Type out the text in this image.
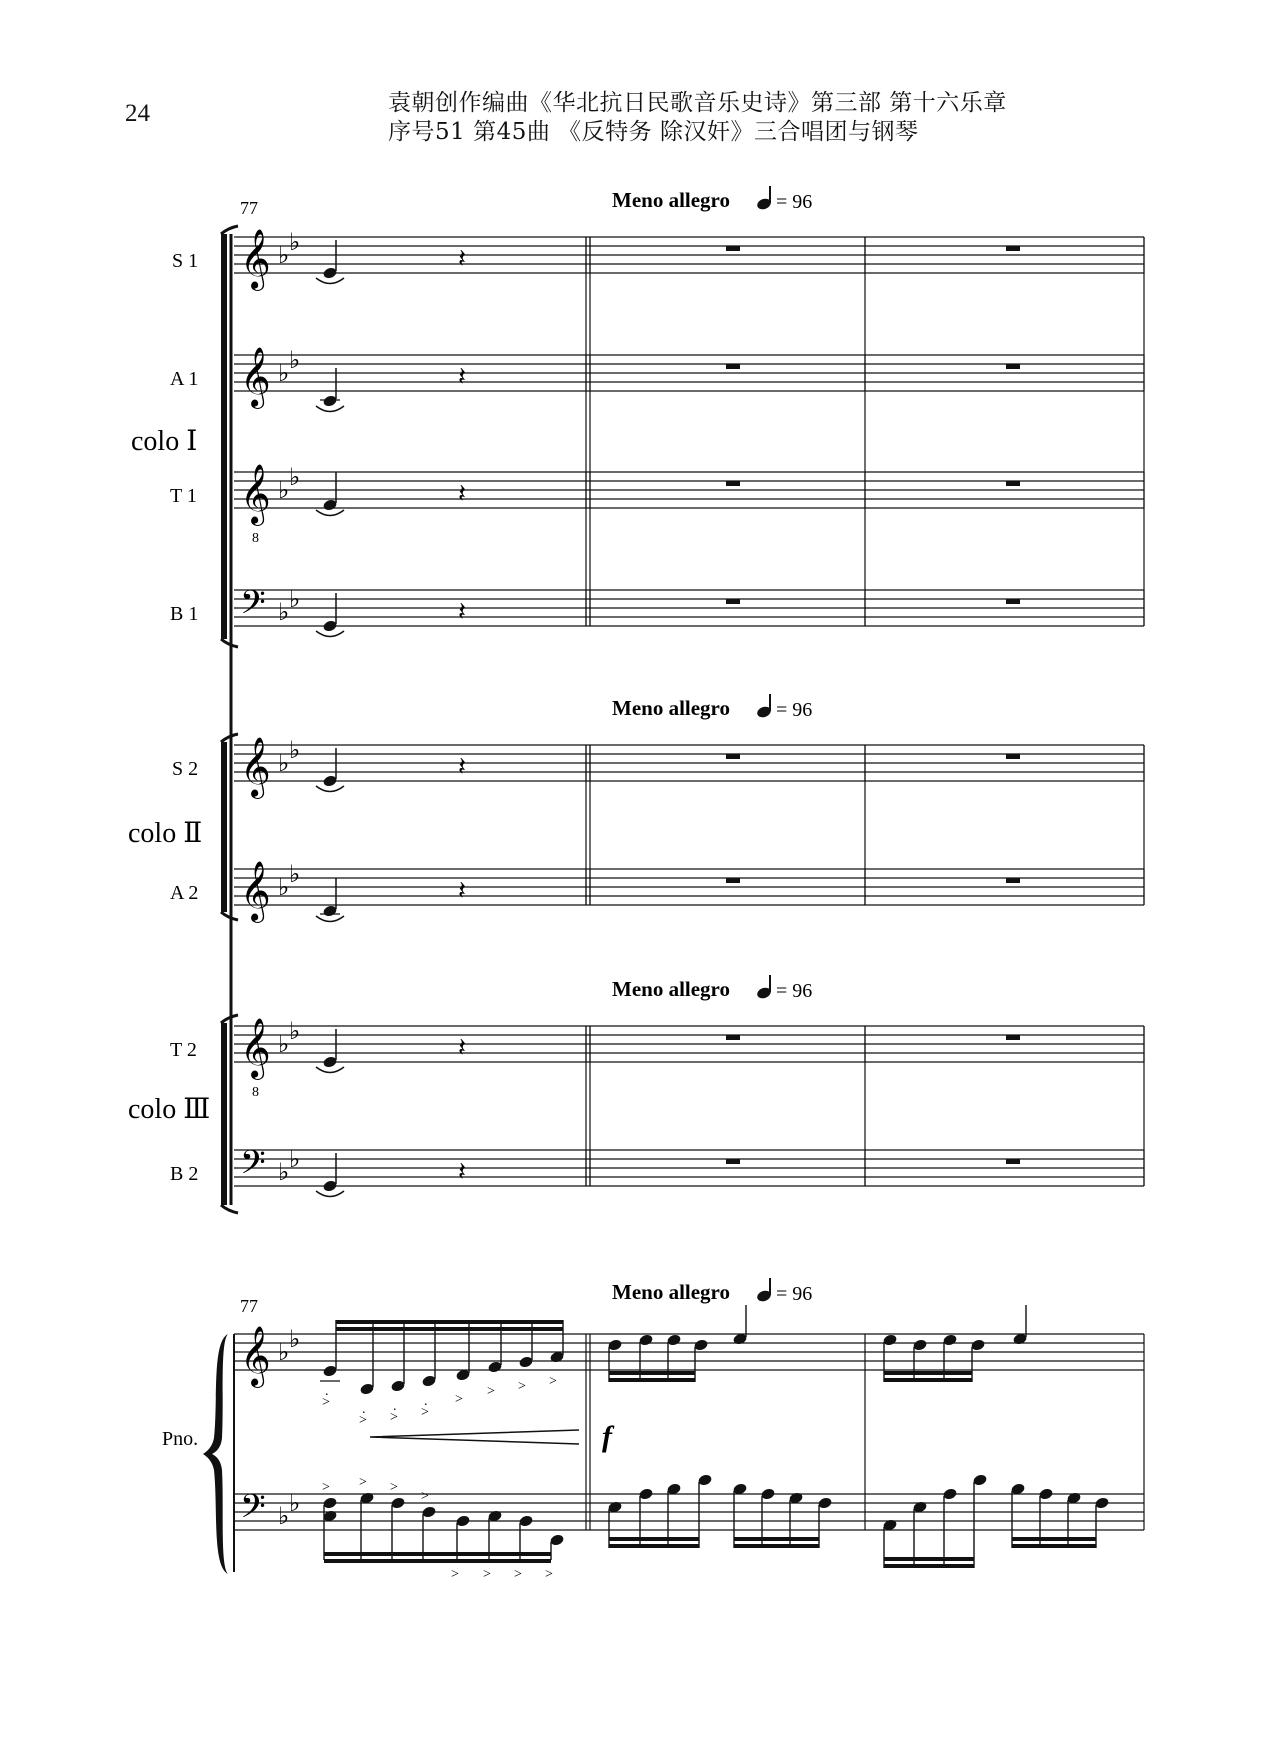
24	袁朝创作编曲《华北抗日民歌音乐史诗》第三部 第十六乐章
序号51 第45曲 《反特务 除汉奸》三合唱团与钢琴
77
77
Meno allegro = 96
Meno allegro = 96
Meno allegro = 96
Meno allegro = 96
S 1
A 1
T 1
B 1
S 2
A 2
T 2
B 2
Pno.
colo Ⅰ
colo Ⅱ
colo Ⅲ
𝄞 ♭ ♭
𝄞 ♭ ♭
𝄞
8
♭ ♭
𝄢 ♭ ♭
𝄞 ♭ ♭
𝄞 ♭ ♭
𝄞
8
♭ ♭
𝄢 ♭ ♭
𝄞 ♭ ♭
𝄢 ♭ ♭
𝄽
𝄽
𝄽
𝄽
𝄽
𝄽
𝄽
𝄽
>
.
>
.
>
. >
. >
> > >
> > >
>
> > > >
f
